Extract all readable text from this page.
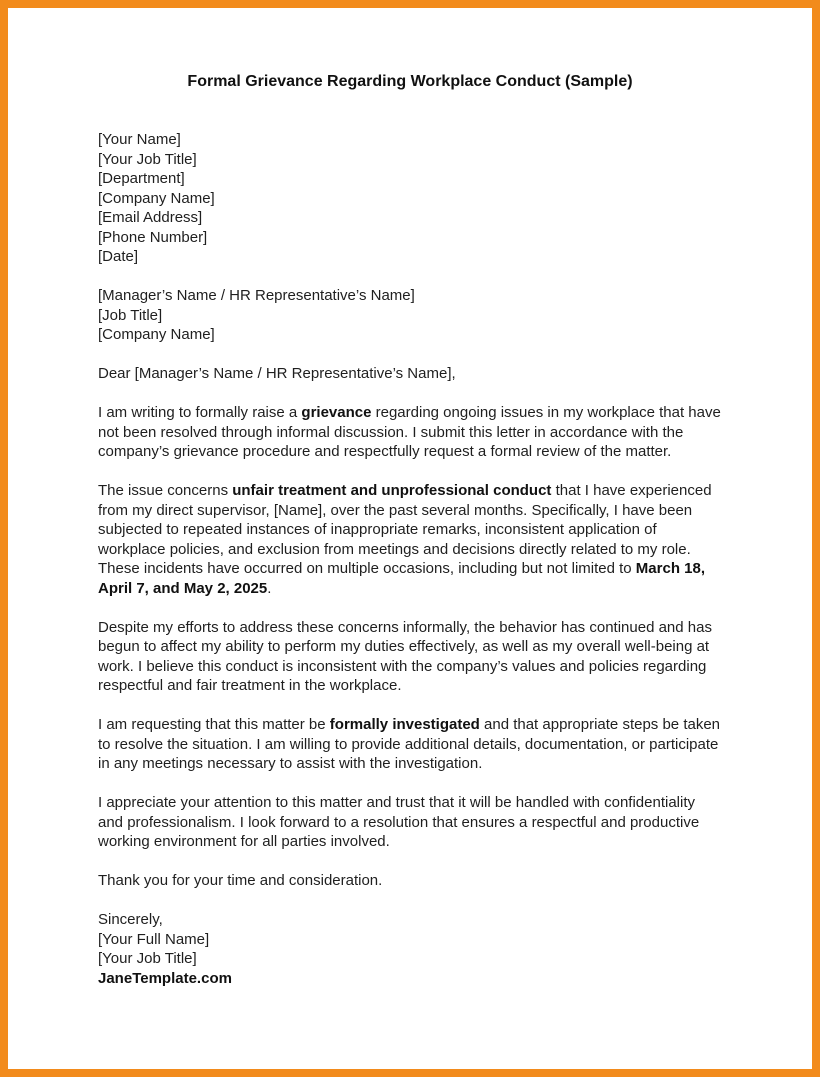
Formal Grievance Regarding Workplace Conduct (Sample)
[Your Name]
[Your Job Title]
[Department]
[Company Name]
[Email Address]
[Phone Number]
[Date]
[Manager’s Name / HR Representative’s Name]
[Job Title]
[Company Name]
Dear [Manager’s Name / HR Representative’s Name],
I am writing to formally raise a grievance regarding ongoing issues in my workplace that have not been resolved through informal discussion. I submit this letter in accordance with the company’s grievance procedure and respectfully request a formal review of the matter.
The issue concerns unfair treatment and unprofessional conduct that I have experienced from my direct supervisor, [Name], over the past several months. Specifically, I have been subjected to repeated instances of inappropriate remarks, inconsistent application of workplace policies, and exclusion from meetings and decisions directly related to my role. These incidents have occurred on multiple occasions, including but not limited to March 18, April 7, and May 2, 2025.
Despite my efforts to address these concerns informally, the behavior has continued and has begun to affect my ability to perform my duties effectively, as well as my overall well-being at work. I believe this conduct is inconsistent with the company’s values and policies regarding respectful and fair treatment in the workplace.
I am requesting that this matter be formally investigated and that appropriate steps be taken to resolve the situation. I am willing to provide additional details, documentation, or participate in any meetings necessary to assist with the investigation.
I appreciate your attention to this matter and trust that it will be handled with confidentiality and professionalism. I look forward to a resolution that ensures a respectful and productive working environment for all parties involved.
Thank you for your time and consideration.
Sincerely,
[Your Full Name]
[Your Job Title]
JaneTemplate.com
